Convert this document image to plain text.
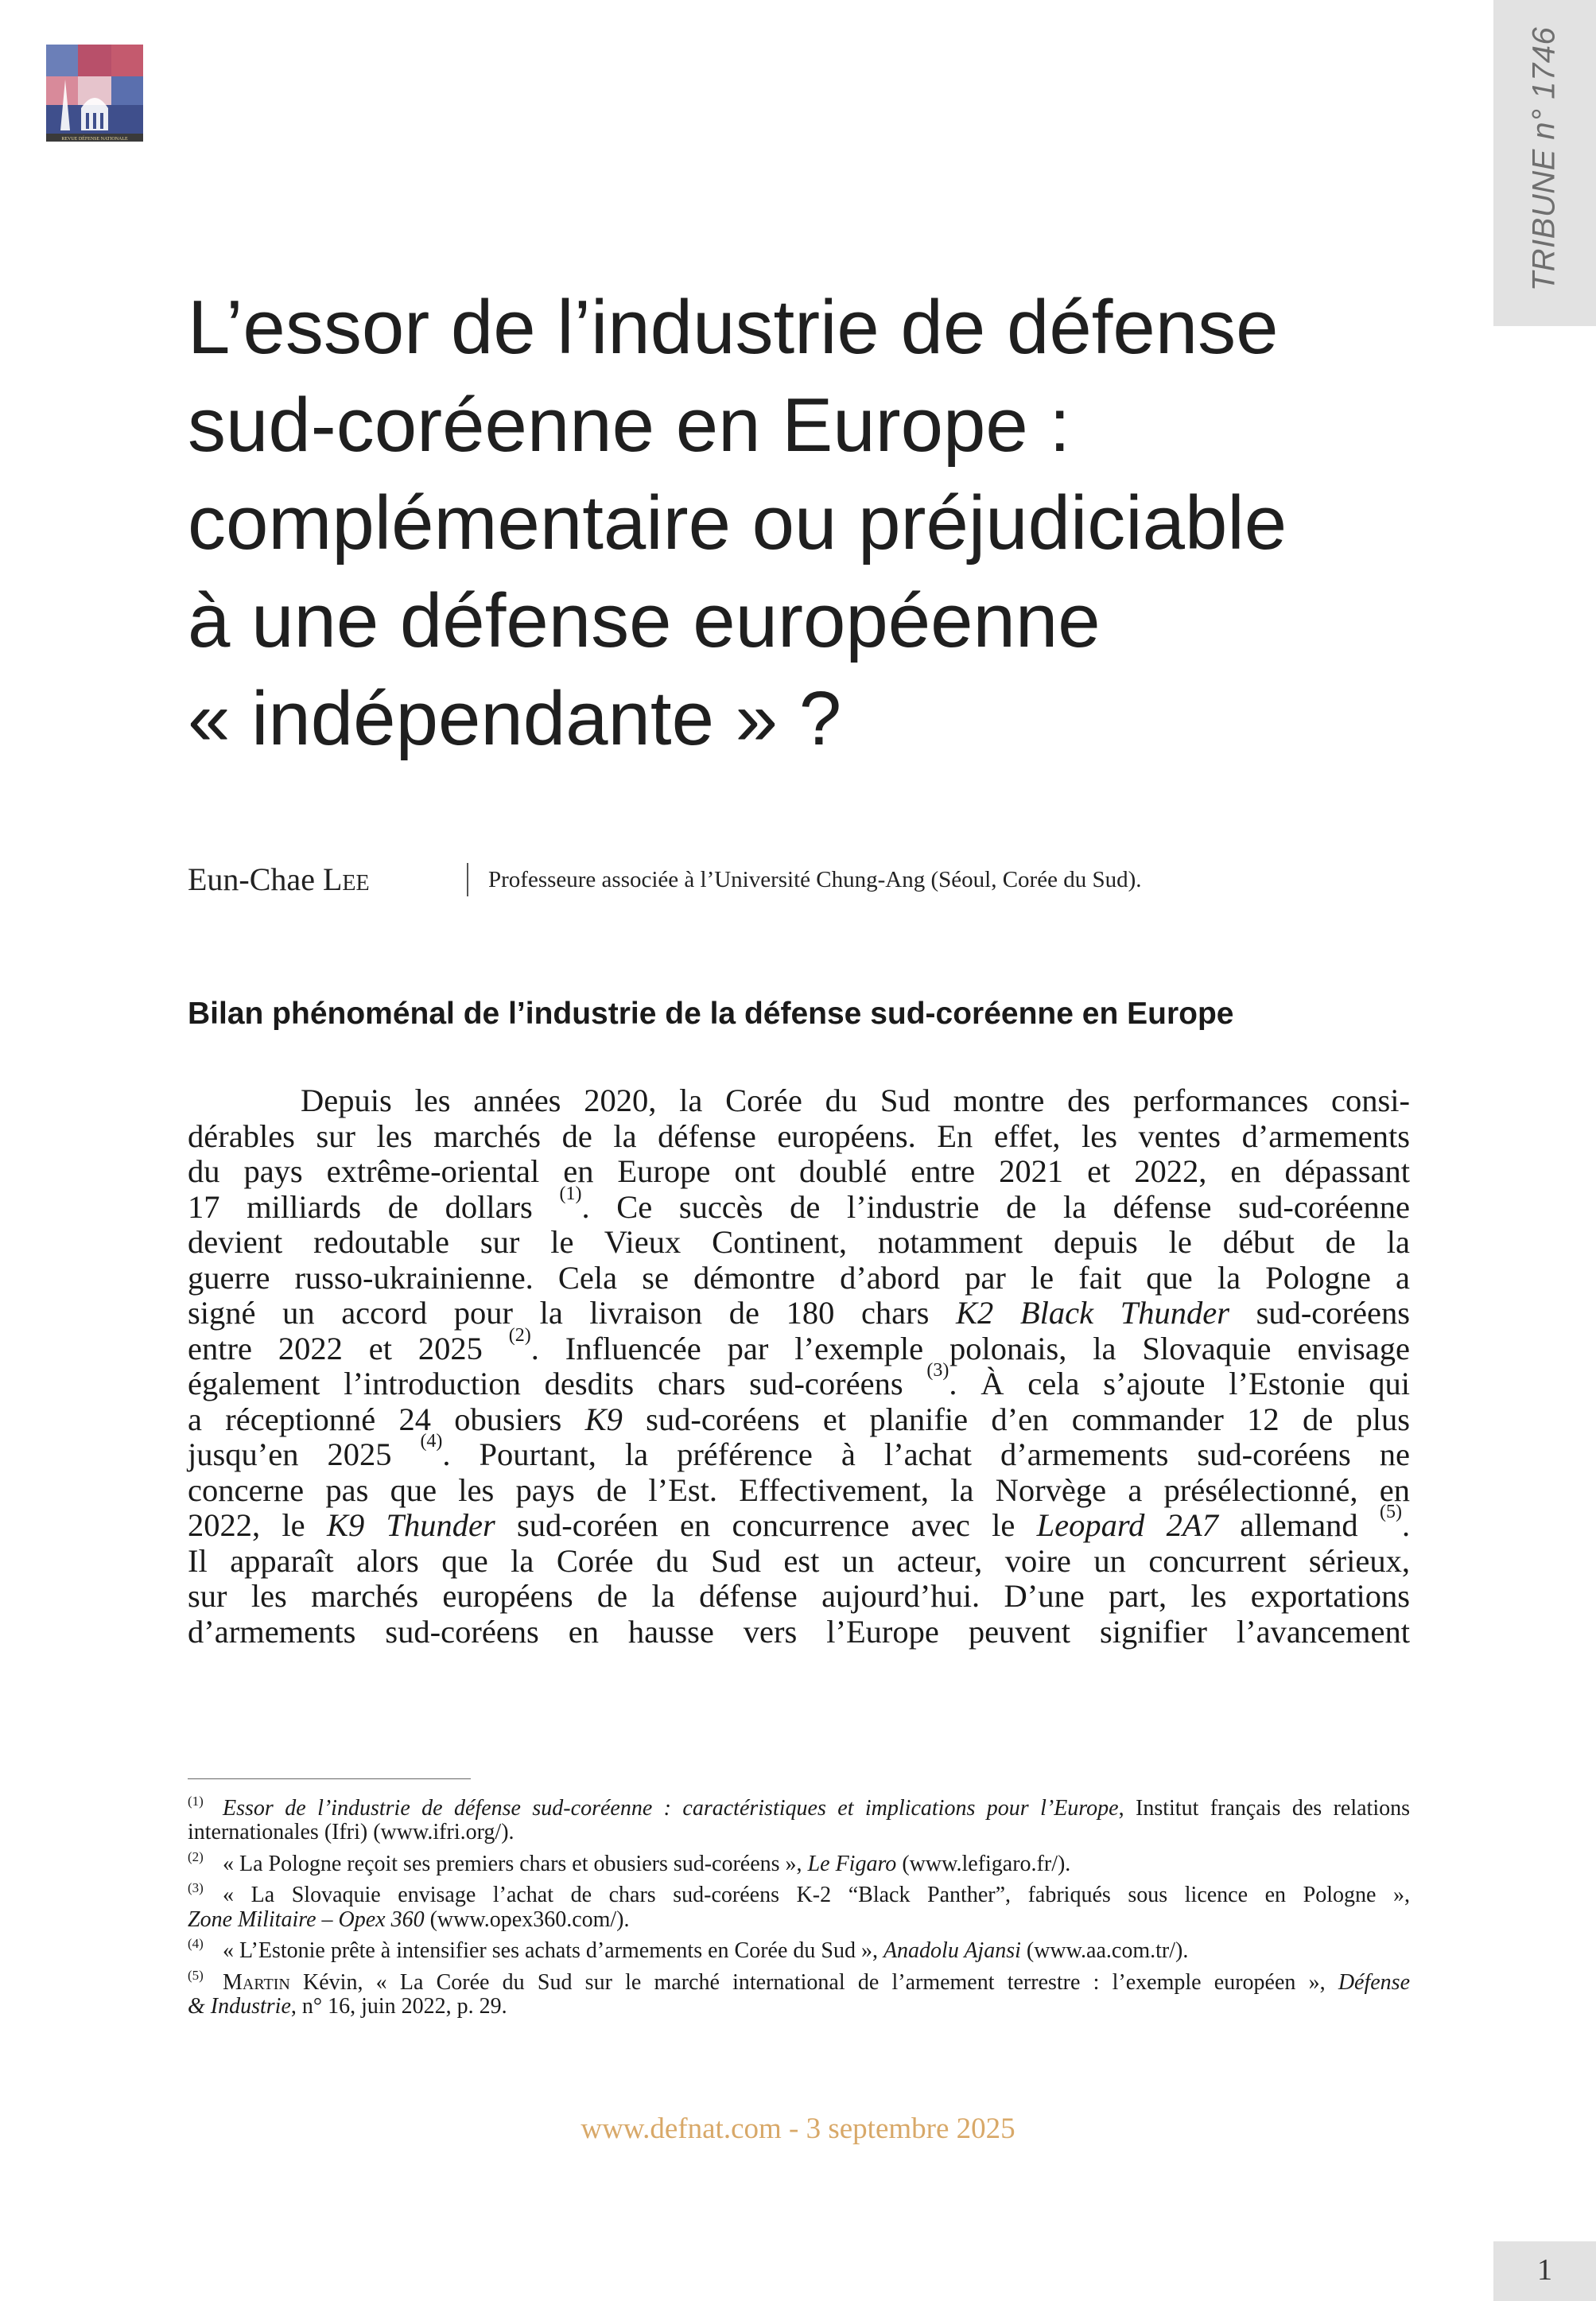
REVUE DÉFENSE NATIONALE	TRIBUNE n° 1746
L’essor de l’industrie de défense
sud-coréenne en Europe :
complémentaire ou préjudiciable
à une défense européenne
« indépendante » ?
Eun-Chae Lee	Professeure associée à l’Université Chung-Ang (Séoul, Corée du Sud).
Bilan phénoménal de l’industrie de la défense sud-coréenne en Europe
Depuis les années 2020, la Corée du Sud montre des performances consi-
dérables sur les marchés de la défense européens. En effet, les ventes d’armements
du pays extrême-oriental en Europe ont doublé entre 2021 et 2022, en dépassant
17 milliards de dollars $^{(1)}$. Ce succès de l’industrie de la défense sud-coréenne
devient redoutable sur le Vieux Continent, notamment depuis le début de la
guerre russo-ukrainienne. Cela se démontre d’abord par le fait que la Pologne a
signé un accord pour la livraison de 180 chars K2 Black Thunder sud-coréens
entre 2022 et 2025 $^{(2)}$. Influencée par l’exemple polonais, la Slovaquie envisage
également l’introduction desdits chars sud-coréens $^{(3)}$. À cela s’ajoute l’Estonie qui
a réceptionné 24 obusiers K9 sud-coréens et planifie d’en commander 12 de plus
jusqu’en 2025 $^{(4)}$. Pourtant, la préférence à l’achat d’armements sud-coréens ne
concerne pas que les pays de l’Est. Effectivement, la Norvège a présélectionné, en
2022, le K9 Thunder sud-coréen en concurrence avec le Leopard 2A7 allemand $^{(5)}$.
Il apparaît alors que la Corée du Sud est un acteur, voire un concurrent sérieux,
sur les marchés européens de la défense aujourd’hui. D’une part, les exportations
d’armements sud-coréens en hausse vers l’Europe peuvent signifier l’avancement
(1) Essor de l’industrie de défense sud-coréenne : caractéristiques et implications pour l’Europe, Institut français des relations
internationales (Ifri) (www.ifri.org/).
(2) « La Pologne reçoit ses premiers chars et obusiers sud-coréens », Le Figaro (www.lefigaro.fr/).
(3) « La Slovaquie envisage l’achat de chars sud-coréens K-2 “Black Panther”, fabriqués sous licence en Pologne »,
Zone Militaire – Opex 360 (www.opex360.com/).
(4) « L’Estonie prête à intensifier ses achats d’armements en Corée du Sud », Anadolu Ajansi (www.aa.com.tr/).
(5) Martin Kévin, « La Corée du Sud sur le marché international de l’armement terrestre : l’exemple européen », Défense
& Industrie, n° 16, juin 2022, p. 29.
www.defnat.com - 3 septembre 2025
1
